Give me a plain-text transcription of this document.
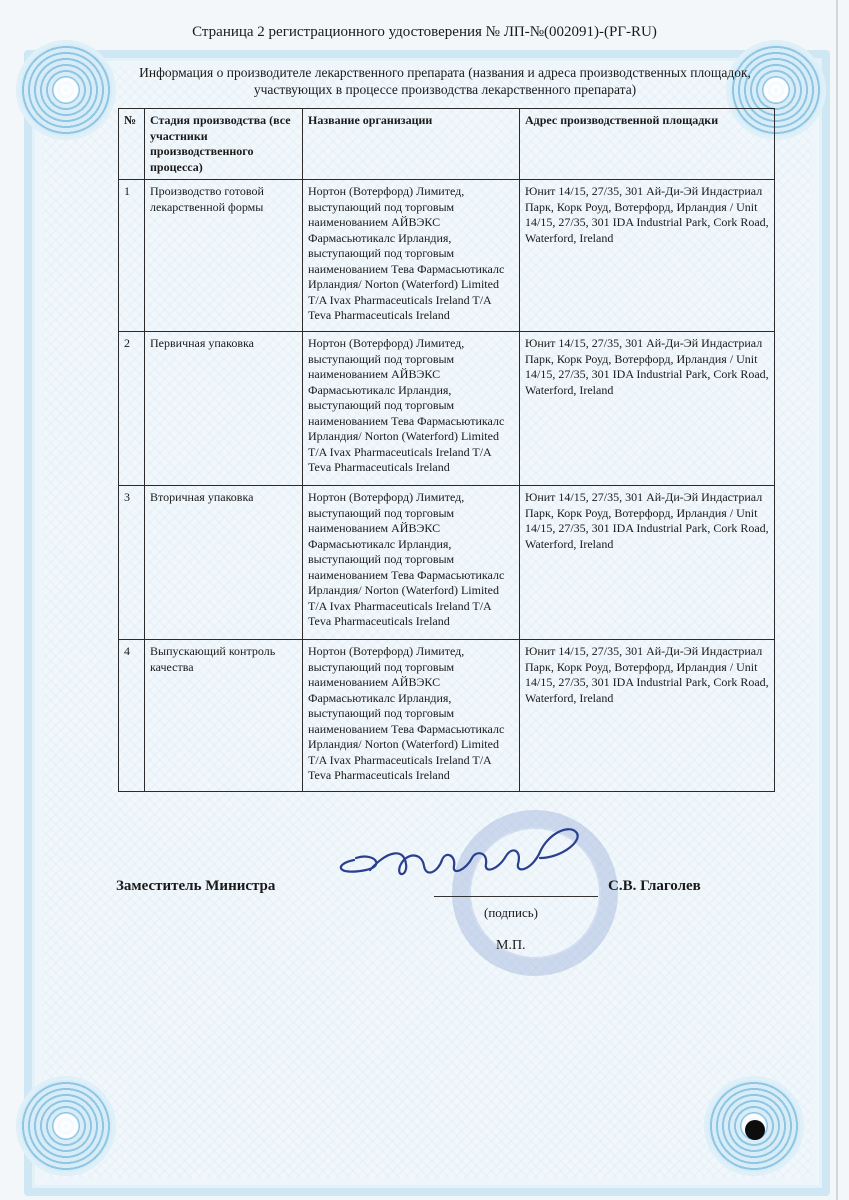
Страница 2 регистрационного удостоверения № ЛП-№(002091)-(РГ-RU)
Информация о производителе лекарственного препарата (названия и адреса производственных площадок,
участвующих в процессе производства лекарственного препарата)
№	Стадия производства (все участники производственного процесса)	Название организации	Адрес производственной площадки
1	Производство готовой лекарственной формы	Нортон (Вотерфорд) Лимитед, выступающий под торговым наименованием АЙВЭКС Фармасьютикалс Ирландия, выступающий под торговым наименованием Тева Фармасьютикалс Ирландия/ Norton (Waterford) Limited T/A Ivax Pharmaceuticals Ireland T/A Teva Pharmaceuticals Ireland	Юнит 14/15, 27/35, 301 Ай-Ди-Эй Индастриал Парк, Корк Роуд, Вотерфорд, Ирландия / Unit 14/15, 27/35, 301 IDA Industrial Park, Cork Road, Waterford, Ireland
2	Первичная упаковка	Нортон (Вотерфорд) Лимитед, выступающий под торговым наименованием АЙВЭКС Фармасьютикалс Ирландия, выступающий под торговым наименованием Тева Фармасьютикалс Ирландия/ Norton (Waterford) Limited T/A Ivax Pharmaceuticals Ireland T/A Teva Pharmaceuticals Ireland	Юнит 14/15, 27/35, 301 Ай-Ди-Эй Индастриал Парк, Корк Роуд, Вотерфорд, Ирландия / Unit 14/15, 27/35, 301 IDA Industrial Park, Cork Road, Waterford, Ireland
3	Вторичная упаковка	Нортон (Вотерфорд) Лимитед, выступающий под торговым наименованием АЙВЭКС Фармасьютикалс Ирландия, выступающий под торговым наименованием Тева Фармасьютикалс Ирландия/ Norton (Waterford) Limited T/A Ivax Pharmaceuticals Ireland T/A Teva Pharmaceuticals Ireland	Юнит 14/15, 27/35, 301 Ай-Ди-Эй Индастриал Парк, Корк Роуд, Вотерфорд, Ирландия / Unit 14/15, 27/35, 301 IDA Industrial Park, Cork Road, Waterford, Ireland
4	Выпускающий контроль качества	Нортон (Вотерфорд) Лимитед, выступающий под торговым наименованием АЙВЭКС Фармасьютикалс Ирландия, выступающий под торговым наименованием Тева Фармасьютикалс Ирландия/ Norton (Waterford) Limited T/A Ivax Pharmaceuticals Ireland T/A Teva Pharmaceuticals Ireland	Юнит 14/15, 27/35, 301 Ай-Ди-Эй Индастриал Парк, Корк Роуд, Вотерфорд, Ирландия / Unit 14/15, 27/35, 301 IDA Industrial Park, Cork Road, Waterford, Ireland
Заместитель Министра	С.В. Глаголев
(подпись)
М.П.
